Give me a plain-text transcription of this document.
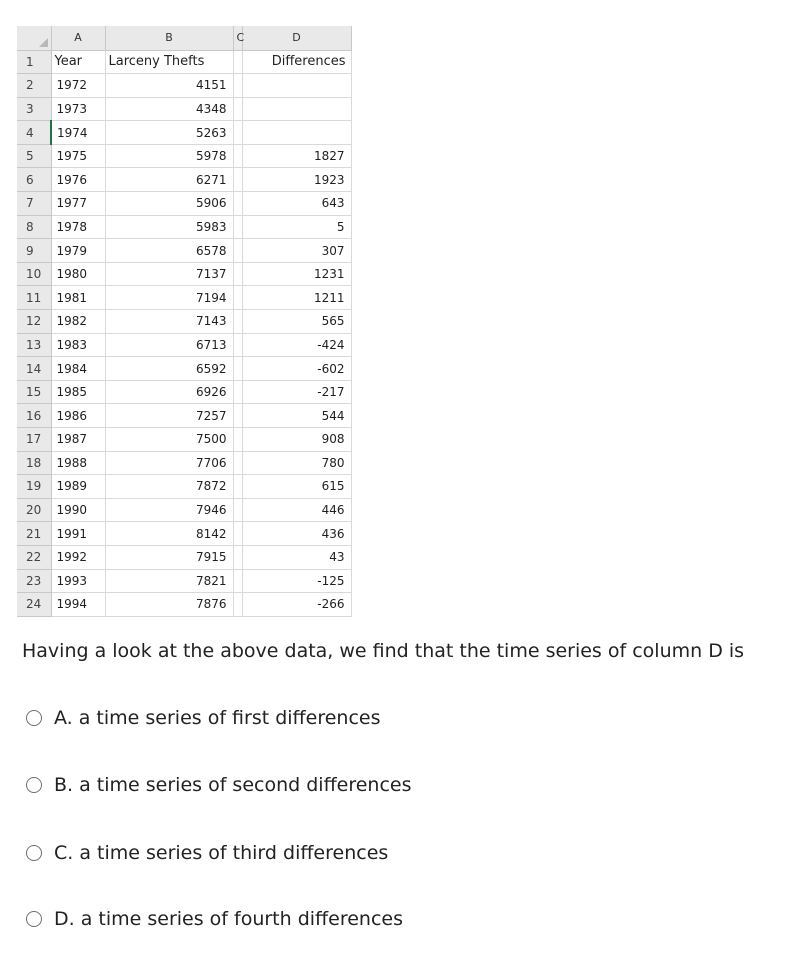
	A	B	C	D
1	Year	Larceny Thefts		Differences
2	1972	4151		
3	1973	4348		
4	1974	5263		
5	1975	5978		1827
6	1976	6271		1923
7	1977	5906		643
8	1978	5983		5
9	1979	6578		307
10	1980	7137		1231
11	1981	7194		1211
12	1982	7143		565
13	1983	6713		-424
14	1984	6592		-602
15	1985	6926		-217
16	1986	7257		544
17	1987	7500		908
18	1988	7706		780
19	1989	7872		615
20	1990	7946		446
21	1991	8142		436
22	1992	7915		43
23	1993	7821		-125
24	1994	7876		-266
Having a look at the above data, we find that the time series of column D is
A. a time series of first differences
B. a time series of second differences
C. a time series of third differences
D. a time series of fourth differences
